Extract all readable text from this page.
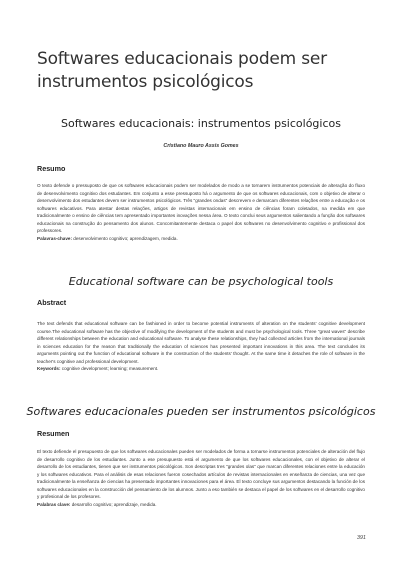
Softwares educacionais podem ser instrumentos psicológicos
Softwares educacionais: instrumentos psicológicos
Cristiano Mauro Assis Gomes
Resumo
O texto defende o pressuposto de que os softwares educacionais podem ser modelados de modo a se tornarem instrumentos potenciais de alteração do fluxo de desenvolvimento cognitivo dos estudantes. Em conjunto a esse pressuposto há o argumento de que os softwares educacionais, com o objetivo de alterar o desenvolvimento dos estudantes devem ser instrumentos psicológicos. Três "grandes ondas" descrevem e demarcam diferentes relações entre a educação e os softwares educativos. Para atestar destas relações, artigos de revistas internacionais em ensino de ciências foram coletados, na medida em que tradicionalmente o ensino de ciências tem apresentado importantes inovações nessa área. O texto conclui seus argumentos salientando a função dos softwares educacionais na construção do pensamento dos alunos. Concomitantemente destaca o papel dos softwares no desenvolvimento cognitivo e profissional dos professores.
Palavras-chave: desenvolvimento cognitivo; aprendizagem, medida.
Educational software can be psychological tools
Abstract
The text defends that educational software can be fashioned in order to become potential instruments of alteration on the students' cognitive development course.The educational software has the objective of modifying the development of the students and must be psychological tools. Three "great waves" describe different relationships between the education and educational software. To analyse these relationships, they had collected articles from the international journals in sciences education for the reason that traditionally the education of sciences has presented important innovations in this area. The text concludes its arguments pointing out the function of educational software in the construction of the students' thought. At the same time it detaches the role of software in the teacher's cognitive and professional development.
Keywords: cognitive development; learning; measurement.
Softwares educacionales pueden ser instrumentos psicológicos
Resumen
El texto defiende el presupuesto de que los softwares educacionales pueden ser modelados de forma a tornarse instrumentos potenciales de alteración del flujo de desarrollo cognitivo de los estudiantes. Junto a ese presupuesto está el argumento de que los softwares educacionales, con el objetivo de alterar el desarrollo de los estudiantes, tienen que ser instrumentos psicológicos. Son descriptas tres "grandes olas" que marcan diferentes relaciones entre la educación y los softwares educativos. Para el análisis de esas relaciones fueron cosechados artículos de revistas internacionales en enseñanza de ciencias, una vez que tradicionalmente la enseñanza de ciencias ha presentado importantes innovaciones para el área. El texto concluye sus argumentos destacando la función de los softwares educacionales en la construcción del pensamiento de los alumnos. Junto a eso también se destaca el papel de los softwares en el desarrollo cognitivo y profesional de los profesores.
Palabras clave: desarrollo cognitivo; aprendizaje, medida.
391
